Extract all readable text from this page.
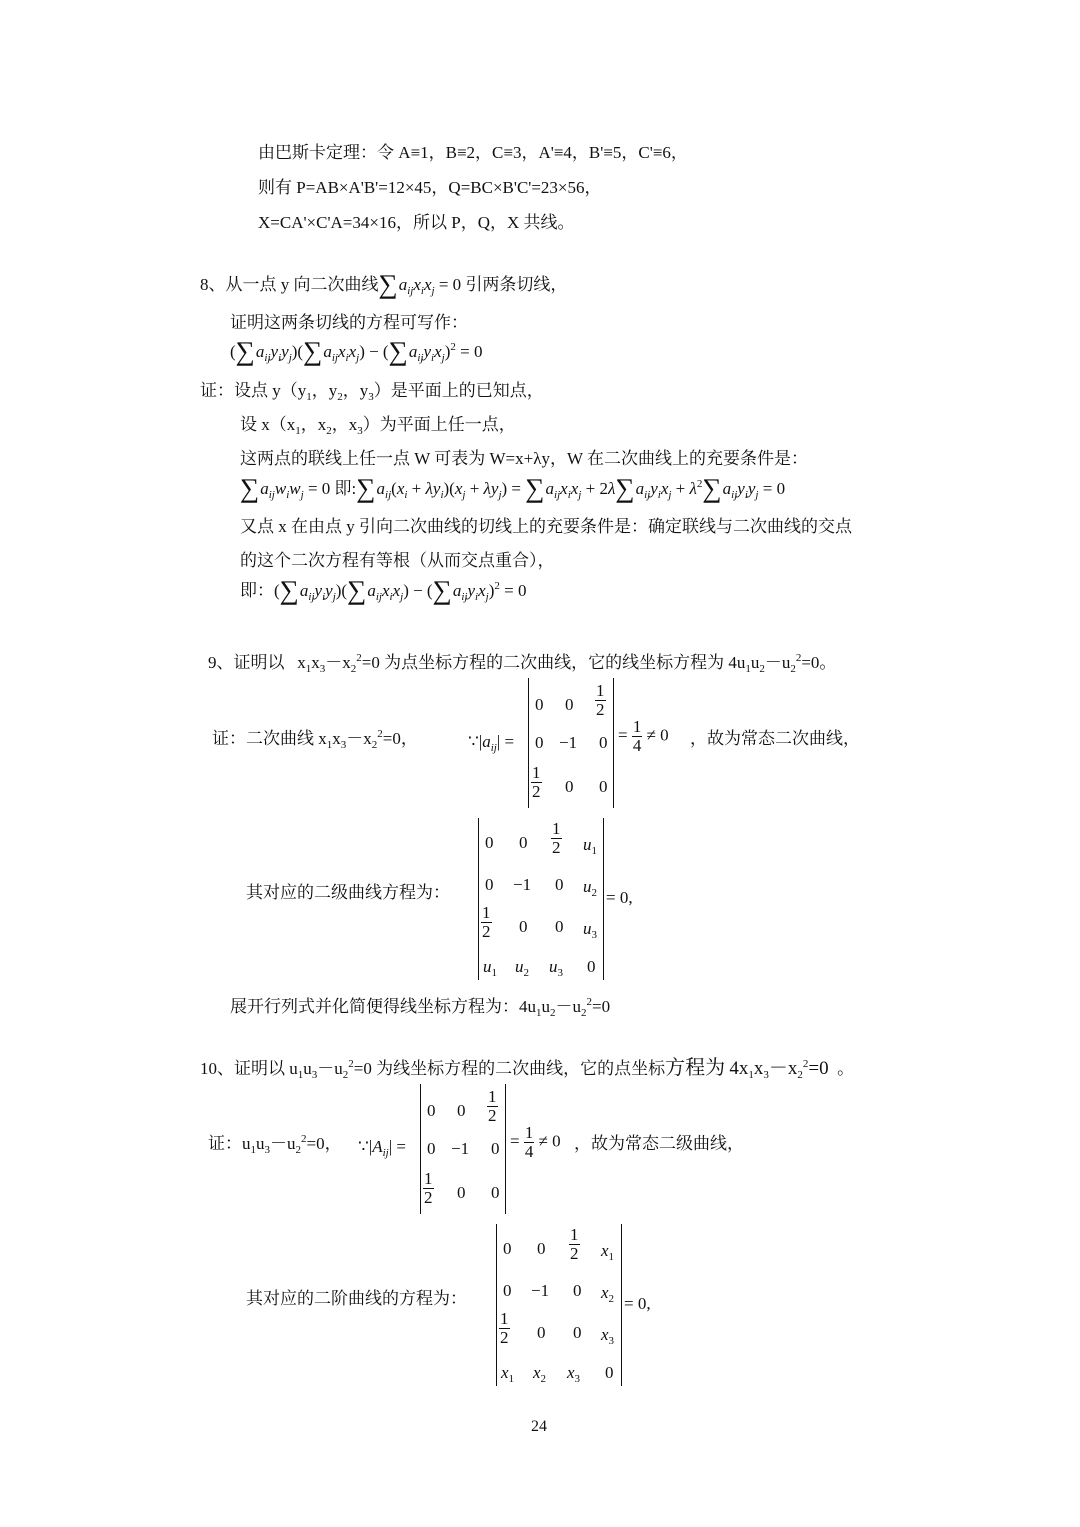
由巴斯卡定理：令 A≡1，B≡2，C≡3，A'≡4，B'≡5，C'≡6，
则有 P=AB×A'B'=12×45，Q=BC×B'C'=23×56，
X=CA'×C'A=34×16，所以 P，Q，X 共线。
8、从一点 y 向二次曲线$\sum a_{ij}x_ix_j = 0$ 引两条切线，
证明这两条切线的方程可写作：
$(\sum a_{ij}y_iy_j)(\sum a_{ij}x_ix_j) - (\sum a_{ij}y_ix_j)^2 = 0$
证：设点 $y(y_1$，$y_2$，$y_3$）是平面上的已知点，
设 $x(x_1$，$x_2$，$x_3$）为平面上任一点，
这两点的联线上任一点 W 可表为 W=x+λy，W 在二次曲线上的充要条件是：
$\sum a_{ij}w_iw_j = 0$ 即$:\sum a_{ij}(x_i + \lambda y_i)(x_j + \lambda y_j) = \sum a_{ij}x_ix_j + 2\lambda\sum a_{ij}y_ix_j + \lambda^2\sum a_{ij}y_iy_j = 0$
又点 x 在由点 y 引向二次曲线的切线上的充要条件是：确定联线与二次曲线的交点
的这个二次方程有等根（从而交点重合），
即：$(\sum a_{ij}y_iy_j)(\sum a_{ij}x_ix_j) - (\sum a_{ij}y_ix_j)^2 = 0$
9、证明以   $x_1x_3-x_2^2=0$ 为点坐标方程的二次曲线，它的线坐标方程为 $4u_1u_2-u_2^2=0$。
证：二次曲线 $x_1x_3-x_2^2=0$，	$\because|a_{ij}|$ =
0 $0 \frac{1}{2}$
0 −1 0
$\frac{1}{2} 0$ 0
= $\frac{1}{4} \ne 0$ ，故为常态二次曲线，
其对应的二级曲线方程为：
0 $0 \frac{1}{2} u_1$
0 −1 0 $u_2$
$\frac{1}{2} 0$ 0 $u_3$
$u_1$ $u_2$ $u_3$ 0
= 0,
展开行列式并化简便得线坐标方程为：$4u_1u_2-u_2^2=0$
10、证明以 $u_1u_3-u_2^2=0$ 为线坐标方程的二次曲线，它的点坐标方程为 $4x_1x_3-x_2^2=0$  。
证：$u_1u_3-u_2^2=0$， $\because|A_{ij}|$ =
0 $0 \frac{1}{2}$
0 −1 0
$\frac{1}{2} 0$ 0
= $\frac{1}{4} \ne 0$ ，故为常态二级曲线，
其对应的二阶曲线的方程为：
0 $0 \frac{1}{2} x_1$
0 −1 0 $x_2$
$\frac{1}{2} 0$ 0 $x_3$
$x_1$ $x_2$ $x_3$ 0
= 0,
24
